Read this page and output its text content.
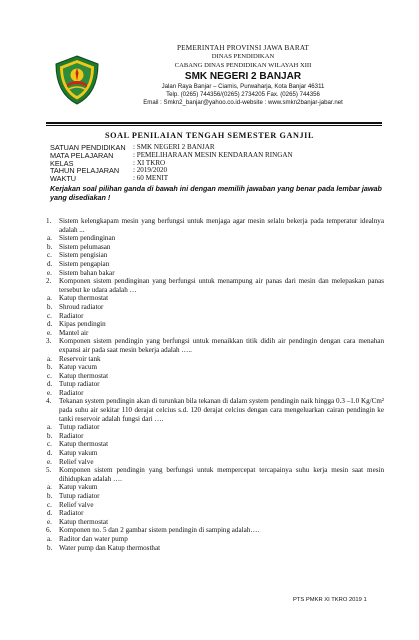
PEMERINTAH PROVINSI JAWA BARAT
DINAS PENDIDIKAN
CABANG DINAS PENDIDIKAN WILAYAH XIII
SMK NEGERI 2 BANJAR
Jalan Raya Banjar – Ciamis, Purwaharja, Kota Banjar 46311
Telp. (0265) 744356/(0265) 2734205 Fax. (0265) 744356
Email : Smkn2_banjar@yahoo.co.id-website : www.smkn2banjar-jabar.net
SOAL PENILAIAN TENGAH SEMESTER GANJIL
SATUAN PENDIDIKAN	: SMK NEGERI 2 BANJAR
MATA PELAJARAN	: PEMELIHARAAN MESIN KENDARAAN RINGAN
KELAS	: XI TKRO
TAHUN PELAJARAN	: 2019/2020
WAKTU	: 60 MENIT
Kerjakan soal pilihan ganda di bawah ini dengan memilih jawaban yang benar pada lembar jawab yang disediakan !
1.	Sistem kelengkapam mesin yang berfungsi untuk menjaga agar mesin selalu bekerja pada temperatur idealnya adalah ...
a. Sistem pendinginan
b. Sistem pelumasan
c. Sistem pengisian
d. Sistem pengapian
e. Sistem bahan bakar
2.	Komponen sistem pendinginan yang berfungsi untuk menampung air panas dari mesin dan melepaskan panas tersebut ke udara adalah …
a. Katup thermostat
b. Shroud radiator
c. Radiator
d. Kipas pendingin
e. Mantel air
3.	Komponen sistem pendingin yang berfungsi untuk menaikkan titik didih air pendingin dengan cara menahan expansi air pada saat mesin bekerja adalah …..
a. Reservoir tank
b. Katup vacum
c. Katup thermostat
d. Tutup radiator
e. Radiator
4.	Tekanan system pendingin akan di turunkan bila tekanan di dalam system pendingin naik hingga 0.3 –1.0 Kg/Cm² pada suhu air sekitar 110 derajat celcius s.d. 120 derajat celcius dengan cara mengeluarkan cairan pendingin ke tanki reservoir adalah fungsi dari ….
a. Tutup radiator
b. Radiator
c. Katup thermostat
d. Katup vakum
e. Relief valve
5.	Komponen sistem pendingin yang berfungsi untuk mempercepat tercapainya suhu kerja mesin saat mesin dihidupkan adalah ….
a. Katup vakum
b. Tutup radiator
c. Relief valve
d. Radiator
e. Katup thermostat
6.	Komponen no. 5 dan 2 gambar sistem pendingin di samping adalah….
a. Raditor dan water pump
b. Water pump dan Katup thermosthat
PTS PMKR XI TKRO 2019 1
